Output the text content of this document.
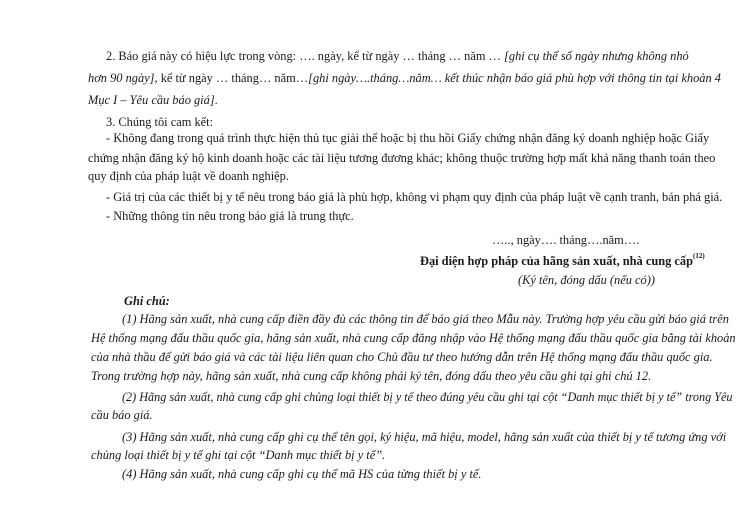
2. Báo giá này có hiệu lực trong vòng: …. ngày, kể từ ngày … tháng … năm … [ghi cụ thể số ngày nhưng không nhỏ
hơn 90 ngày], kể từ ngày … tháng… năm…[ghi ngày….tháng…năm… kết thúc nhận báo giá phù hợp với thông tin tại khoản 4
Mục I – Yêu cầu báo giá].
3. Chúng tôi cam kết:
- Không đang trong quá trình thực hiện thủ tục giải thể hoặc bị thu hồi Giấy chứng nhận đăng ký doanh nghiệp hoặc Giấy
chứng nhận đăng ký hộ kinh doanh hoặc các tài liệu tương đương khác; không thuộc trường hợp mất khả năng thanh toán theo
quy định của pháp luật về doanh nghiệp.
- Giá trị của các thiết bị y tế nêu trong báo giá là phù hợp, không vi phạm quy định của pháp luật về cạnh tranh, bán phá giá.
- Những thông tin nêu trong báo giá là trung thực.
….., ngày…. tháng….năm….
Đại diện hợp pháp của hãng sản xuất, nhà cung cấp$^{(12)}$
(Ký tên, đóng dấu (nếu có))
Ghi chú:
(1) Hãng sản xuất, nhà cung cấp điền đầy đủ các thông tin để báo giá theo Mẫu này. Trường hợp yêu cầu gửi báo giá trên
Hệ thống mạng đấu thầu quốc gia, hãng sản xuất, nhà cung cấp đăng nhập vào Hệ thống mạng đấu thầu quốc gia bằng tài khoản
của nhà thầu để gửi báo giá và các tài liệu liên quan cho Chủ đầu tư theo hướng dẫn trên Hệ thống mạng đấu thầu quốc gia.
Trong trường hợp này, hãng sản xuất, nhà cung cấp không phải ký tên, đóng dấu theo yêu cầu ghi tại ghi chú 12.
(2) Hãng sản xuất, nhà cung cấp ghi chủng loại thiết bị y tế theo đúng yêu cầu ghi tại cột “Danh mục thiết bị y tế” trong Yêu
cầu báo giá.
(3) Hãng sản xuất, nhà cung cấp ghi cụ thể tên gọi, ký hiệu, mã hiệu, model, hãng sản xuất của thiết bị y tế tương ứng với
chủng loại thiết bị y tế ghi tại cột “Danh mục thiết bị y tế”.
(4) Hãng sản xuất, nhà cung cấp ghi cụ thể mã HS của từng thiết bị y tế.
